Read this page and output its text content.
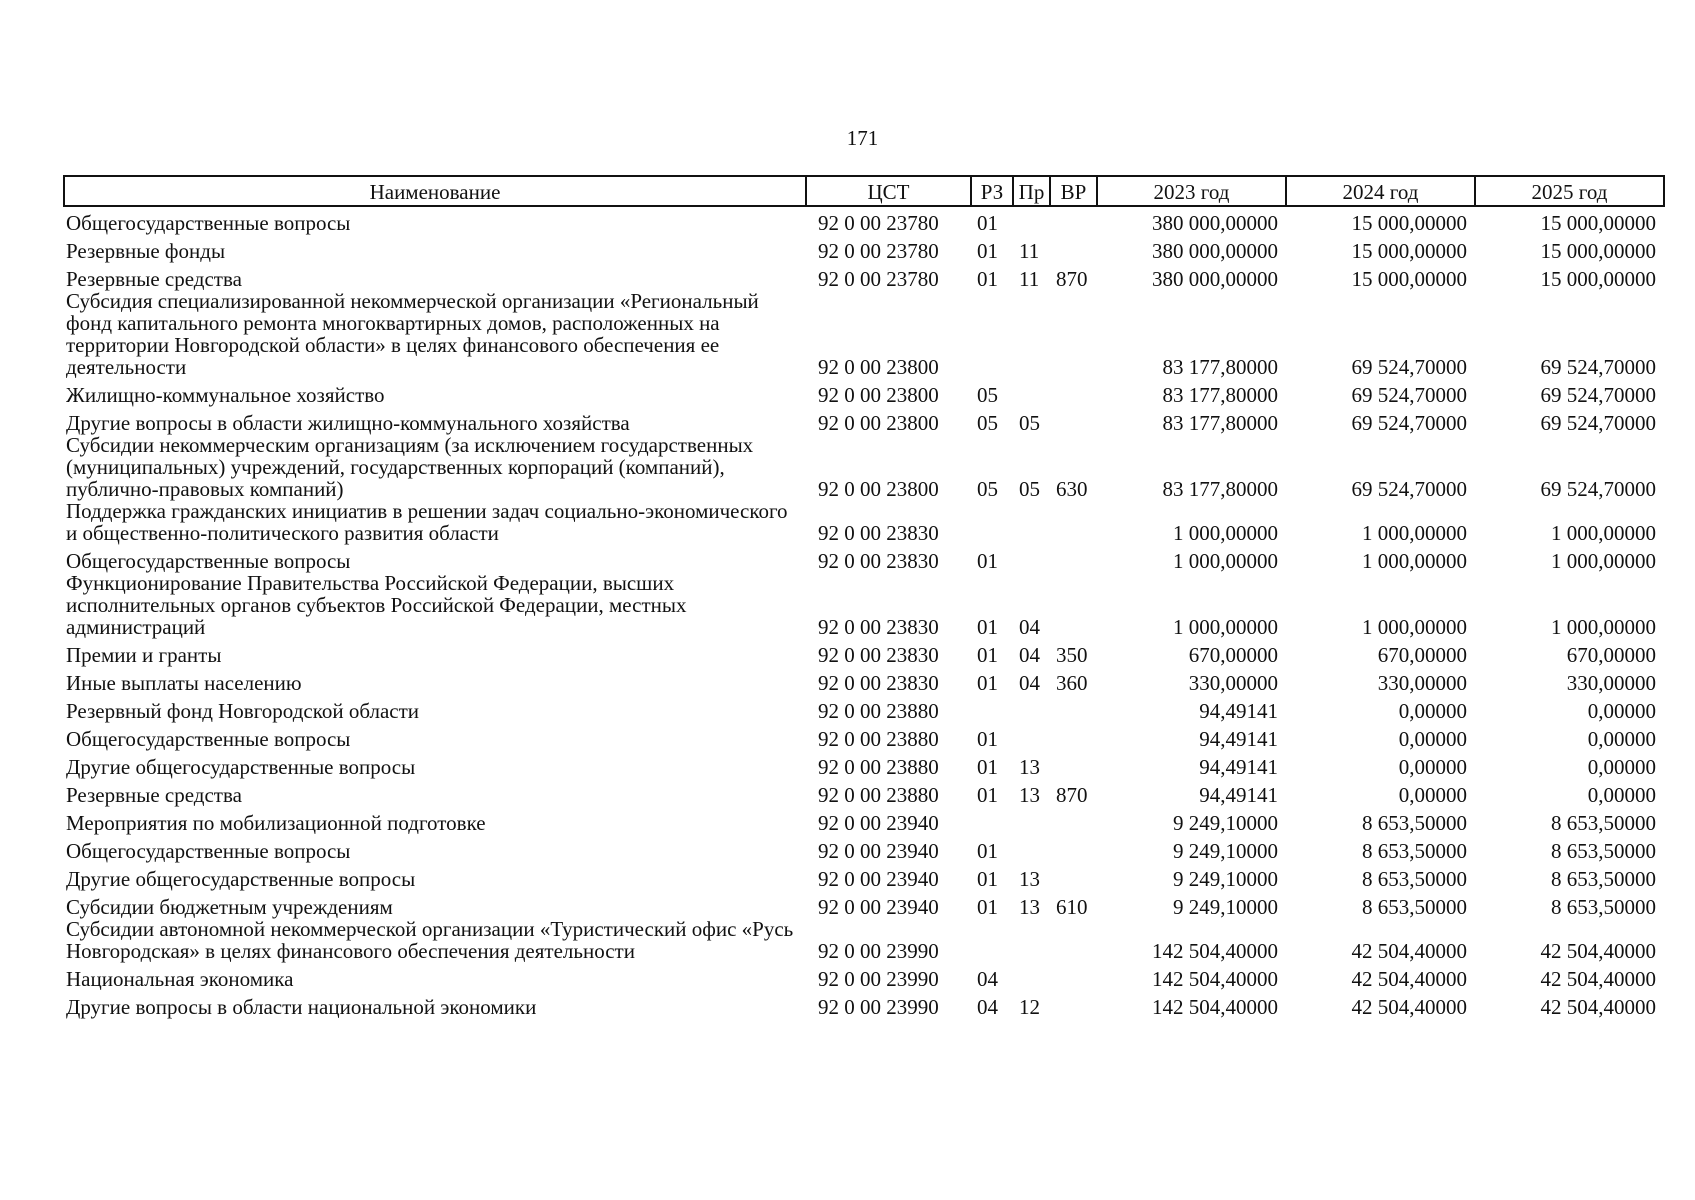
171
Наименование	ЦСТ	РЗ	Пр	ВР	2023 год	2024 год	2025 год
Общегосударственные вопросы	92 0 00 23780	01			380 000,00000	15 000,00000	15 000,00000
Резервные фонды	92 0 00 23780	01	11		380 000,00000	15 000,00000	15 000,00000
Резервные средства	92 0 00 23780	01	11	870	380 000,00000	15 000,00000	15 000,00000
Субсидия специализированной некоммерческой организации «Региональный фонд капитального ремонта многоквартирных домов, расположенных на территории Новгородской области» в целях финансового обеспечения ее деятельности	92 0 00 23800				83 177,80000	69 524,70000	69 524,70000
Жилищно-коммунальное хозяйство	92 0 00 23800	05			83 177,80000	69 524,70000	69 524,70000
Другие вопросы в области жилищно-коммунального хозяйства	92 0 00 23800	05	05		83 177,80000	69 524,70000	69 524,70000
Субсидии некоммерческим организациям (за исключением государственных (муниципальных) учреждений, государственных корпораций (компаний), публично-правовых компаний)	92 0 00 23800	05	05	630	83 177,80000	69 524,70000	69 524,70000
Поддержка гражданских инициатив в решении задач социально-экономического и общественно-политического развития области	92 0 00 23830				1 000,00000	1 000,00000	1 000,00000
Общегосударственные вопросы	92 0 00 23830	01			1 000,00000	1 000,00000	1 000,00000
Функционирование Правительства Российской Федерации, высших исполнительных органов субъектов Российской Федерации, местных администраций	92 0 00 23830	01	04		1 000,00000	1 000,00000	1 000,00000
Премии и гранты	92 0 00 23830	01	04	350	670,00000	670,00000	670,00000
Иные выплаты населению	92 0 00 23830	01	04	360	330,00000	330,00000	330,00000
Резервный фонд Новгородской области	92 0 00 23880				94,49141	0,00000	0,00000
Общегосударственные вопросы	92 0 00 23880	01			94,49141	0,00000	0,00000
Другие общегосударственные вопросы	92 0 00 23880	01	13		94,49141	0,00000	0,00000
Резервные средства	92 0 00 23880	01	13	870	94,49141	0,00000	0,00000
Мероприятия по мобилизационной подготовке	92 0 00 23940				9 249,10000	8 653,50000	8 653,50000
Общегосударственные вопросы	92 0 00 23940	01			9 249,10000	8 653,50000	8 653,50000
Другие общегосударственные вопросы	92 0 00 23940	01	13		9 249,10000	8 653,50000	8 653,50000
Субсидии бюджетным учреждениям	92 0 00 23940	01	13	610	9 249,10000	8 653,50000	8 653,50000
Субсидии автономной некоммерческой организации «Туристический офис «Русь Новгородская» в целях финансового обеспечения деятельности	92 0 00 23990				142 504,40000	42 504,40000	42 504,40000
Национальная экономика	92 0 00 23990	04			142 504,40000	42 504,40000	42 504,40000
Другие вопросы в области национальной экономики	92 0 00 23990	04	12		142 504,40000	42 504,40000	42 504,40000
